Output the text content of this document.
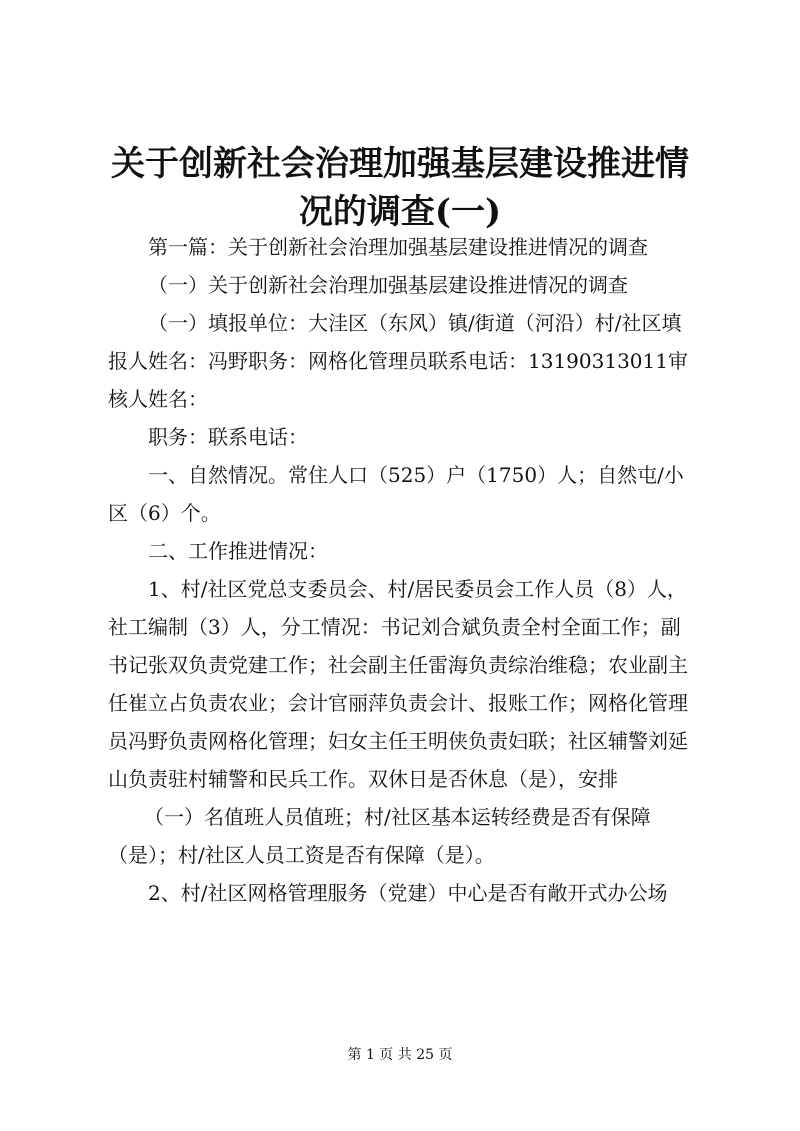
关于创新社会治理加强基层建设推进情况的调查(一)

第一篇：关于创新社会治理加强基层建设推进情况的调查

（一）关于创新社会治理加强基层建设推进情况的调查

（一）填报单位：大洼区（东风）镇/街道（河沿）村/社区填报人姓名：冯野职务：网格化管理员联系电话：13190313011审核人姓名：

职务：联系电话：

一、自然情况。常住人口（525）户（1750）人；自然屯/小区（6）个。

二、工作推进情况：

1、村/社区党总支委员会、村/居民委员会工作人员（8）人，社工编制（3）人，分工情况：书记刘合斌负责全村全面工作；副书记张双负责党建工作；社会副主任雷海负责综治维稳；农业副主任崔立占负责农业；会计官丽萍负责会计、报账工作；网格化管理员冯野负责网格化管理；妇女主任王明侠负责妇联；社区辅警刘延山负责驻村辅警和民兵工作。双休日是否休息（是），安排

（一）名值班人员值班；村/社区基本运转经费是否有保障（是）；村/社区人员工资是否有保障（是）。

2、村/社区网格管理服务（党建）中心是否有敞开式办公场

第 1 页 共 25 页
